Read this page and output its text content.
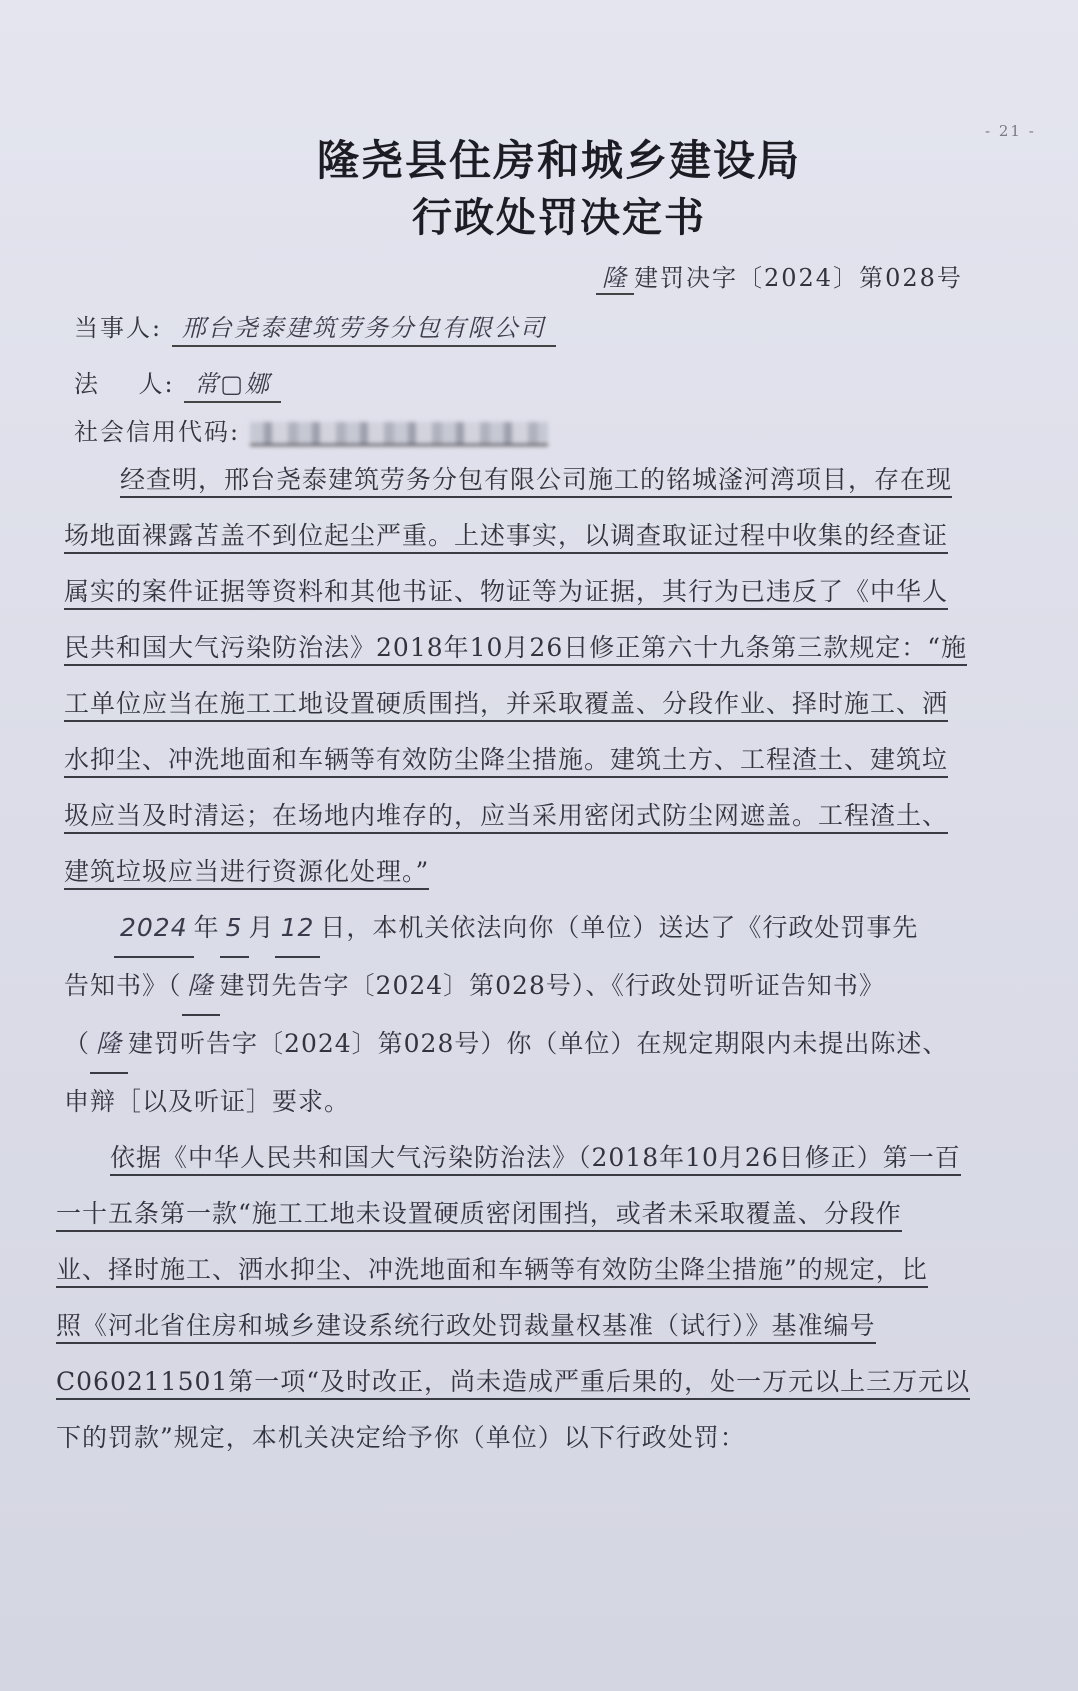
- 21 -
隆尧县住房和城乡建设局
行政处罚决定书
隆 建罚决字〔2024〕第028号
当事人: 邢台尧泰建筑劳务分包有限公司
法    人: 常▢娜
社会信用代码:
经查明，邢台尧泰建筑劳务分包有限公司施工的铭城滏河湾项目，存在现
场地面裸露苫盖不到位起尘严重。上述事实，以调查取证过程中收集的经查证
属实的案件证据等资料和其他书证、物证等为证据，其行为已违反了《中华人
民共和国大气污染防治法》2018年10月26日修正第六十九条第三款规定：“施
工单位应当在施工工地设置硬质围挡，并采取覆盖、分段作业、择时施工、洒
水抑尘、冲洗地面和车辆等有效防尘降尘措施。建筑土方、工程渣土、建筑垃
圾应当及时清运；在场地内堆存的，应当采用密闭式防尘网遮盖。工程渣土、
建筑垃圾应当进行资源化处理。”
2024 年 5 月 12 日，本机关依法向你（单位）送达了《行政处罚事先
告知书》（ 隆 建罚先告字〔2024〕第028号）、《行政处罚听证告知书》
（ 隆 建罚听告字〔2024〕第028号）你（单位）在规定期限内未提出陈述、
申辩［以及听证］要求。
依据《中华人民共和国大气污染防治法》（2018年10月26日修正）第一百
一十五条第一款“施工工地未设置硬质密闭围挡，或者未采取覆盖、分段作
业、择时施工、洒水抑尘、冲洗地面和车辆等有效防尘降尘措施”的规定，比
照《河北省住房和城乡建设系统行政处罚裁量权基准（试行）》基准编号
C060211501第一项“及时改正，尚未造成严重后果的，处一万元以上三万元以
下的罚款”规定，本机关决定给予你（单位）以下行政处罚：
